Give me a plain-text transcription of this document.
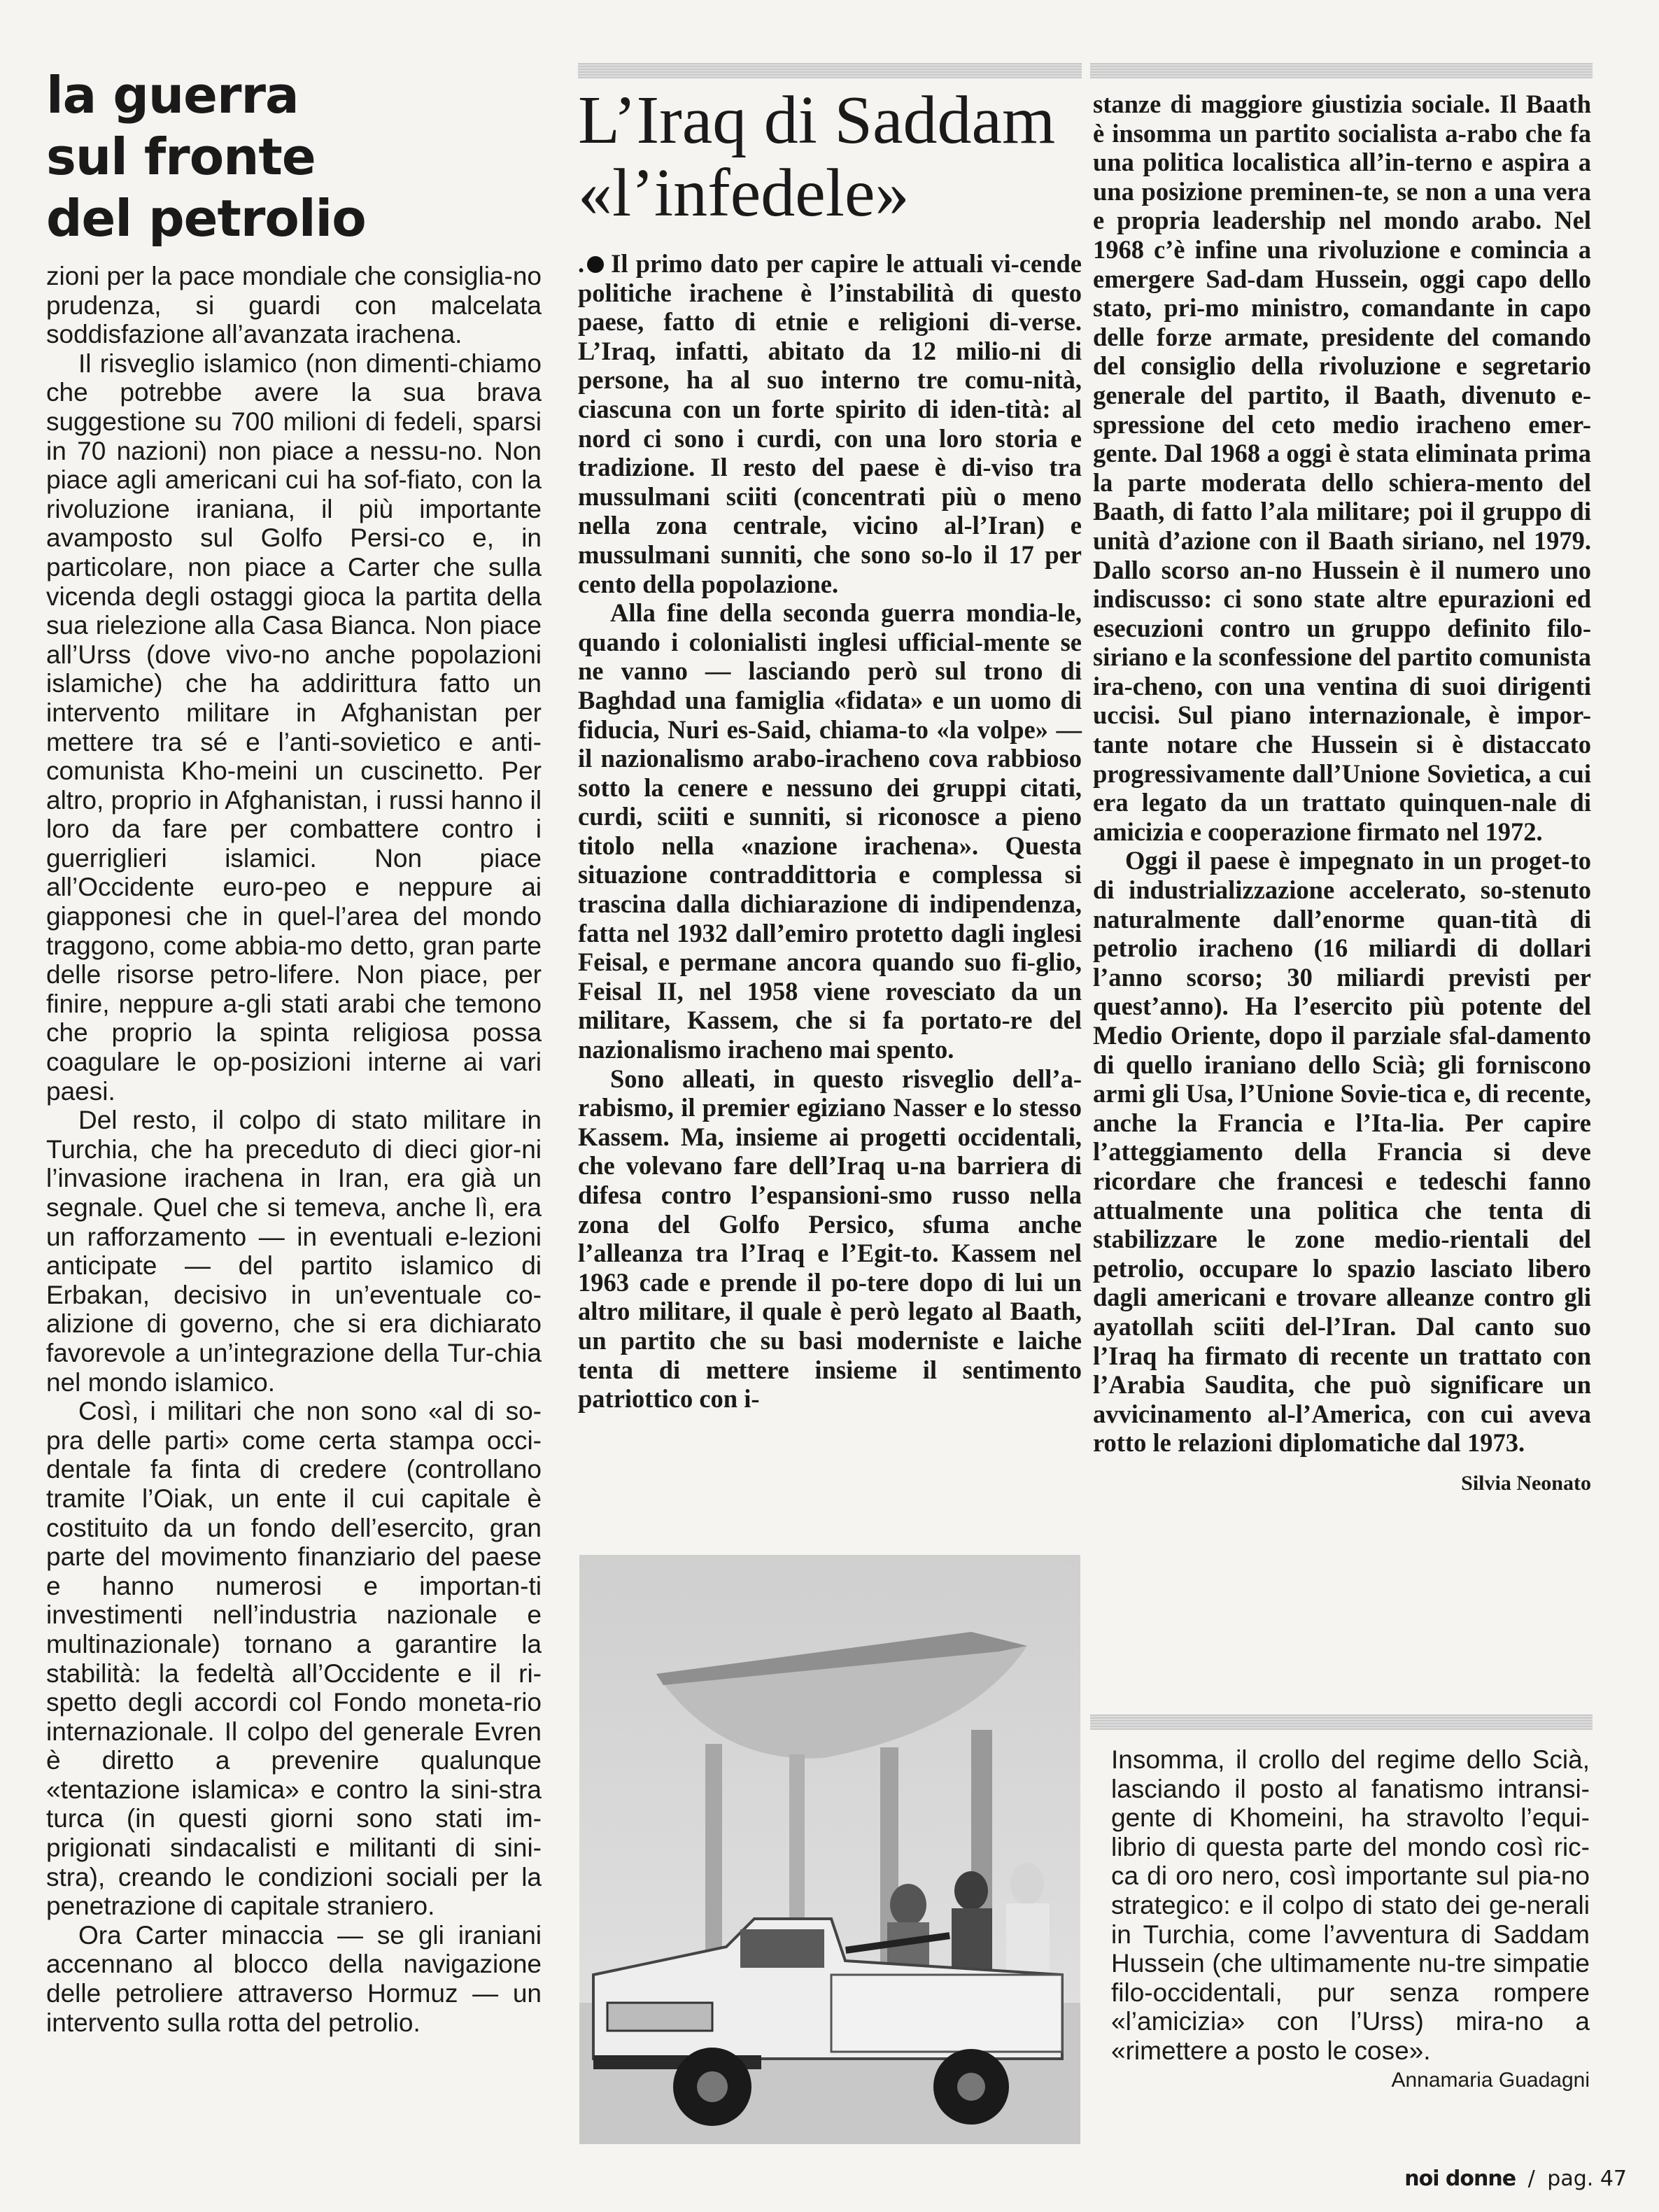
la guerra
sul fronte
del petrolio

zioni per la pace mondiale che consiglia-no prudenza, si guardi con malcelata soddisfazione all’avanzata irachena.

Il risveglio islamico (non dimenti-chiamo che potrebbe avere la sua brava suggestione su 700 milioni di fedeli, sparsi in 70 nazioni) non piace a nessu-no. Non piace agli americani cui ha sof-fiato, con la rivoluzione iraniana, il più importante avamposto sul Golfo Persi-co e, in particolare, non piace a Carter che sulla vicenda degli ostaggi gioca la partita della sua rielezione alla Casa Bianca. Non piace all’Urss (dove vivo-no anche popolazioni islamiche) che ha addirittura fatto un intervento militare in Afghanistan per mettere tra sé e l’anti-sovietico e anti-comunista Kho-meini un cuscinetto. Per altro, proprio in Afghanistan, i russi hanno il loro da fare per combattere contro i guerriglieri islamici. Non piace all’Occidente euro-peo e neppure ai giapponesi che in quel-l’area del mondo traggono, come abbia-mo detto, gran parte delle risorse petro-lifere. Non piace, per finire, neppure a-gli stati arabi che temono che proprio la spinta religiosa possa coagulare le op-posizioni interne ai vari paesi.

Del resto, il colpo di stato militare in Turchia, che ha preceduto di dieci gior-ni l’invasione irachena in Iran, era già un segnale. Quel che si temeva, anche lì, era un rafforzamento — in eventuali e-lezioni anticipate — del partito islamico di Erbakan, decisivo in un’eventuale co-alizione di governo, che si era dichiarato favorevole a un’integrazione della Tur-chia nel mondo islamico.

Così, i militari che non sono «al di so-pra delle parti» come certa stampa occi-dentale fa finta di credere (controllano tramite l’Oiak, un ente il cui capitale è costituito da un fondo dell’esercito, gran parte del movimento finanziario del paese e hanno numerosi e importan-ti investimenti nell’industria nazionale e multinazionale) tornano a garantire la stabilità: la fedeltà all’Occidente e il ri-spetto degli accordi col Fondo moneta-rio internazionale. Il colpo del generale Evren è diretto a prevenire qualunque «tentazione islamica» e contro la sini-stra turca (in questi giorni sono stati im-prigionati sindacalisti e militanti di sini-stra), creando le condizioni sociali per la penetrazione di capitale straniero.

Ora Carter minaccia — se gli iraniani accennano al blocco della navigazione delle petroliere attraverso Hormuz — un intervento sulla rotta del petrolio.

L’Iraq di Saddam
«l’infedele»

. Il primo dato per capire le attuali vi-cende politiche irachene è l’instabilità di questo paese, fatto di etnie e religioni di-verse. L’Iraq, infatti, abitato da 12 milio-ni di persone, ha al suo interno tre comu-nità, ciascuna con un forte spirito di iden-tità: al nord ci sono i curdi, con una loro storia e tradizione. Il resto del paese è di-viso tra mussulmani sciiti (concentrati più o meno nella zona centrale, vicino al-l’Iran) e mussulmani sunniti, che sono so-lo il 17 per cento della popolazione.

Alla fine della seconda guerra mondia-le, quando i colonialisti inglesi ufficial-mente se ne vanno — lasciando però sul trono di Baghdad una famiglia «fidata» e un uomo di fiducia, Nuri es-Said, chiama-to «la volpe» — il nazionalismo arabo-iracheno cova rabbioso sotto la cenere e nessuno dei gruppi citati, curdi, sciiti e sunniti, si riconosce a pieno titolo nella «nazione irachena». Questa situazione contraddittoria e complessa si trascina dalla dichiarazione di indipendenza, fatta nel 1932 dall’emiro protetto dagli inglesi Feisal, e permane ancora quando suo fi-glio, Feisal II, nel 1958 viene rovesciato da un militare, Kassem, che si fa portato-re del nazionalismo iracheno mai spento.

Sono alleati, in questo risveglio dell’a-rabismo, il premier egiziano Nasser e lo stesso Kassem. Ma, insieme ai progetti occidentali, che volevano fare dell’Iraq u-na barriera di difesa contro l’espansioni-smo russo nella zona del Golfo Persico, sfuma anche l’alleanza tra l’Iraq e l’Egit-to. Kassem nel 1963 cade e prende il po-tere dopo di lui un altro militare, il quale è però legato al Baath, un partito che su basi moderniste e laiche tenta di mettere insieme il sentimento patriottico con i-

stanze di maggiore giustizia sociale. Il Baath è insomma un partito socialista a-rabo che fa una politica localistica all’in-terno e aspira a una posizione preminen-te, se non a una vera e propria leadership nel mondo arabo. Nel 1968 c’è infine una rivoluzione e comincia a emergere Sad-dam Hussein, oggi capo dello stato, pri-mo ministro, comandante in capo delle forze armate, presidente del comando del consiglio della rivoluzione e segretario generale del partito, il Baath, divenuto e-spressione del ceto medio iracheno emer-gente. Dal 1968 a oggi è stata eliminata prima la parte moderata dello schiera-mento del Baath, di fatto l’ala militare; poi il gruppo di unità d’azione con il Baath siriano, nel 1979. Dallo scorso an-no Hussein è il numero uno indiscusso: ci sono state altre epurazioni ed esecuzioni contro un gruppo definito filo-siriano e la sconfessione del partito comunista ira-cheno, con una ventina di suoi dirigenti uccisi. Sul piano internazionale, è impor-tante notare che Hussein si è distaccato progressivamente dall’Unione Sovietica, a cui era legato da un trattato quinquen-nale di amicizia e cooperazione firmato nel 1972.

Oggi il paese è impegnato in un proget-to di industrializzazione accelerato, so-stenuto naturalmente dall’enorme quan-tità di petrolio iracheno (16 miliardi di dollari l’anno scorso; 30 miliardi previsti per quest’anno). Ha l’esercito più potente del Medio Oriente, dopo il parziale sfal-damento di quello iraniano dello Scià; gli forniscono armi gli Usa, l’Unione Sovie-tica e, di recente, anche la Francia e l’Ita-lia. Per capire l’atteggiamento della Francia si deve ricordare che francesi e tedeschi fanno attualmente una politica che tenta di stabilizzare le zone medio-rientali del petrolio, occupare lo spazio lasciato libero dagli americani e trovare alleanze contro gli ayatollah sciiti del-l’Iran. Dal canto suo l’Iraq ha firmato di recente un trattato con l’Arabia Saudita, che può significare un avvicinamento al-l’America, con cui aveva rotto le relazioni diplomatiche dal 1973.

Silvia Neonato

Insomma, il crollo del regime dello Scià, lasciando il posto al fanatismo intransi-gente di Khomeini, ha stravolto l’equi-librio di questa parte del mondo così ric-ca di oro nero, così importante sul pia-no strategico: e il colpo di stato dei ge-nerali in Turchia, come l’avventura di Saddam Hussein (che ultimamente nu-tre simpatie filo-occidentali, pur senza rompere «l’amicizia» con l’Urss) mira-no a «rimettere a posto le cose».

Annamaria Guadagni
noi donne / pag. 47
